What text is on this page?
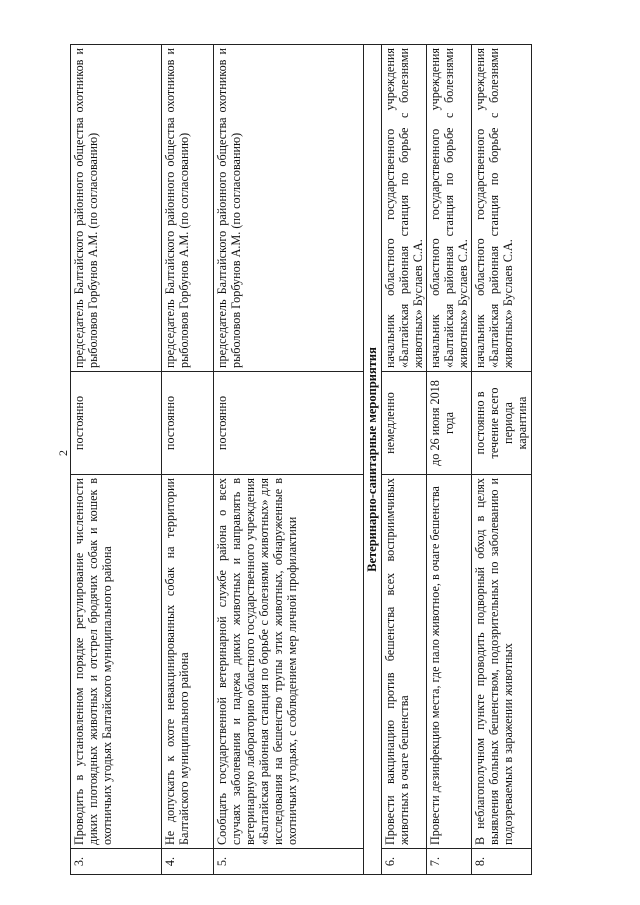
2
3.	Проводить в установленном порядке регулирование численности диких плотоядных животных и отстрел бродячих собак и кошек в охотничьих угодьях Балтайского муниципального района	постоянно	председатель Балтайского районного общества охотников и рыболовов Горбунов А.М. (по согласованию)
4.	Не допускать к охоте невакцинированных собак на территории Балтайского муниципального района	постоянно	председатель Балтайского районного общества охотников и рыболовов Горбунов А.М. (по согласованию)
5.	Сообщать государственной ветеринарной службе района о всех случаях заболевания и падежа диких животных и направлять в ветеринарную лабораторию областного государственного учреждения «Балтайская районная станция по борьбе с болезнями животных» для исследования на бешенство трупы этих животных, обнаруженные в охотничьих угодьях, с соблюдением мер личной профилактики	постоянно	председатель Балтайского районного общества охотников и рыболовов Горбунов А.М. (по согласованию)
Ветеринарно-санитарные мероприятия			
6.	Провести вакцинацию против бешенства всех восприимчивых животных в очаге бешенства	немедленно	начальник областного государственного учреждения «Балтайская районная станция по борьбе с болезнями животных» Буслаев С.А.
7.	Провести дезинфекцию места, где пало животное, в очаге бешенства	до 26 июня 2018 года	начальник областного государственного учреждения «Балтайская районная станция по борьбе с болезнями животных» Буслаев С.А.
8.	В неблагополучном пункте проводить подворный обход в целях выявления больных бешенством, подозрительных по заболеванию и подозреваемых в заражении животных	постоянно в течение всего периода карантина	начальник областного государственного учреждения «Балтайская районная станция по борьбе с болезнями животных» Буслаев С.А.
